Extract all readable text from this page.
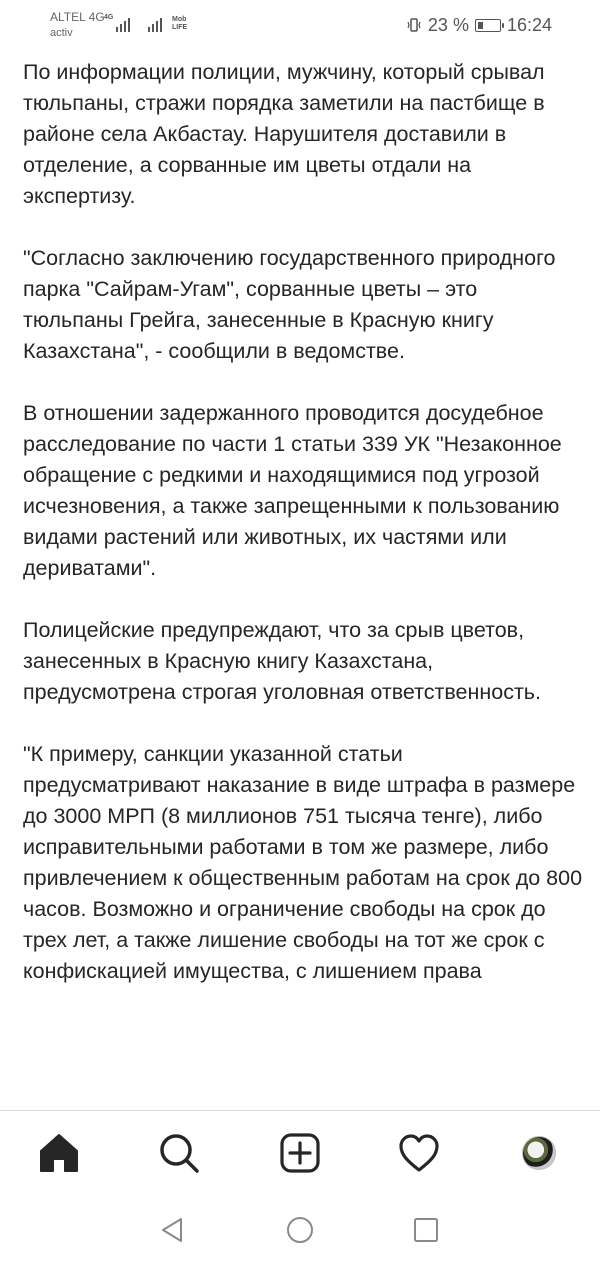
ALTEL 4G
activ
4G	Mob LIFE	23 % 16:24

По информации полиции, мужчину, который срывал тюльпаны, стражи порядка заметили на пастбище в районе села Акбастау. Нарушителя доставили в отделение, а сорванные им цветы отдали на экспертизу.

"Согласно заключению государственного природного парка "Сайрам-Угам", сорванные цветы – это тюльпаны Грейга, занесенные в Красную книгу Казахстана", - сообщили в ведомстве.

В отношении задержанного проводится досудебное расследование по части 1 статьи 339 УК "Незаконное обращение с редкими и находящимися под угрозой исчезновения, а также запрещенными к пользованию видами растений или животных, их частями или дериватами".

Полицейские предупреждают, что за срыв цветов, занесенных в Красную книгу Казахстана, предусмотрена строгая уголовная ответственность.

"К примеру, санкции указанной статьи предусматривают наказание в виде штрафа в размере до 3000 МРП (8 миллионов 751 тысяча тенге), либо исправительными работами в том же размере, либо привлечением к общественным работам на срок до 800 часов. Возможно и ограничение свободы на срок до трех лет, а также лишение свободы на тот же срок с конфискацией имущества, с лишением права
